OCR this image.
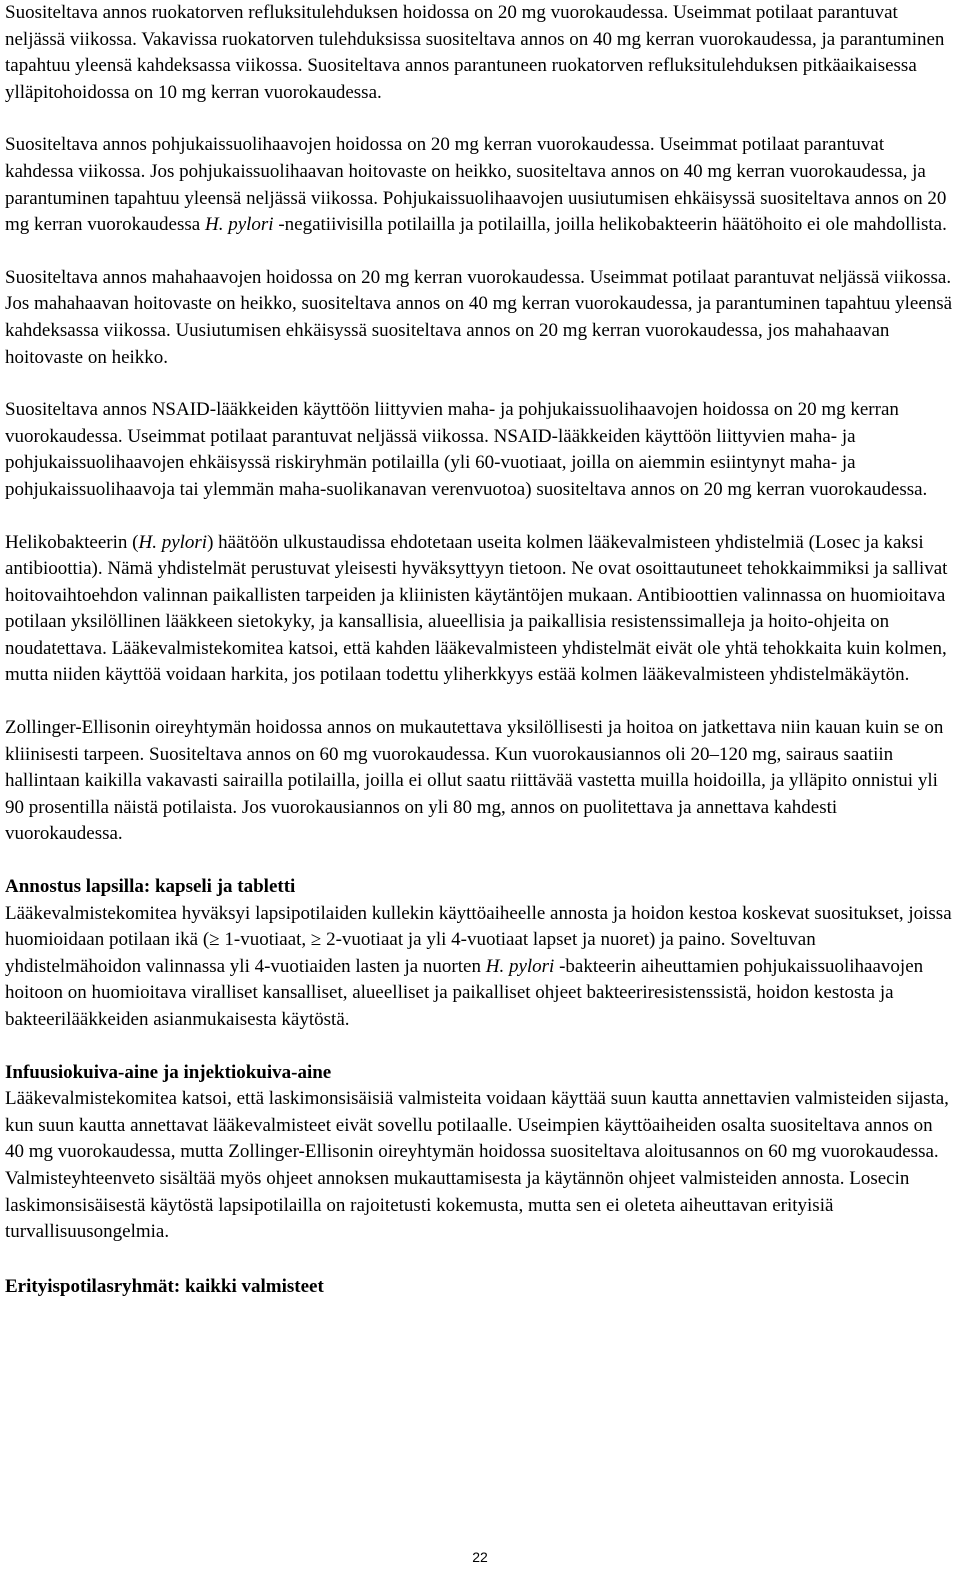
Suositeltava annos ruokatorven refluksitulehduksen hoidossa on 20 mg vuorokaudessa. Useimmat potilaat parantuvat neljässä viikossa. Vakavissa ruokatorven tulehduksissa suositeltava annos on 40 mg kerran vuorokaudessa, ja parantuminen tapahtuu yleensä kahdeksassa viikossa. Suositeltava annos parantuneen ruokatorven refluksitulehduksen pitkäaikaisessa ylläpitohoidossa on 10 mg kerran vuorokaudessa.

Suositeltava annos pohjukaissuolihaavojen hoidossa on 20 mg kerran vuorokaudessa. Useimmat potilaat parantuvat kahdessa viikossa. Jos pohjukaissuolihaavan hoitovaste on heikko, suositeltava annos on 40 mg kerran vuorokaudessa, ja parantuminen tapahtuu yleensä neljässä viikossa. Pohjukaissuolihaavojen uusiutumisen ehkäisyssä suositeltava annos on 20 mg kerran vuorokaudessa H. pylori -negatiivisilla potilailla ja potilailla, joilla helikobakteerin häätöhoito ei ole mahdollista.

Suositeltava annos mahahaavojen hoidossa on 20 mg kerran vuorokaudessa. Useimmat potilaat parantuvat neljässä viikossa. Jos mahahaavan hoitovaste on heikko, suositeltava annos on 40 mg kerran vuorokaudessa, ja parantuminen tapahtuu yleensä kahdeksassa viikossa. Uusiutumisen ehkäisyssä suositeltava annos on 20 mg kerran vuorokaudessa, jos mahahaavan hoitovaste on heikko.

Suositeltava annos NSAID-lääkkeiden käyttöön liittyvien maha- ja pohjukaissuolihaavojen hoidossa on 20 mg kerran vuorokaudessa. Useimmat potilaat parantuvat neljässä viikossa. NSAID-lääkkeiden käyttöön liittyvien maha- ja pohjukaissuolihaavojen ehkäisyssä riskiryhmän potilailla (yli 60-vuotiaat, joilla on aiemmin esiintynyt maha- ja pohjukaissuolihaavoja tai ylemmän maha-suolikanavan verenvuotoa) suositeltava annos on 20 mg kerran vuorokaudessa.

Helikobakteerin (H. pylori) häätöön ulkustaudissa ehdotetaan useita kolmen lääkevalmisteen yhdistelmiä (Losec ja kaksi antibioottia). Nämä yhdistelmät perustuvat yleisesti hyväksyttyyn tietoon. Ne ovat osoittautuneet tehokkaimmiksi ja sallivat hoitovaihtoehdon valinnan paikallisten tarpeiden ja kliinisten käytäntöjen mukaan. Antibioottien valinnassa on huomioitava potilaan yksilöllinen lääkkeen sietokyky, ja kansallisia, alueellisia ja paikallisia resistenssimalleja ja hoito-ohjeita on noudatettava. Lääkevalmistekomitea katsoi, että kahden lääkevalmisteen yhdistelmät eivät ole yhtä tehokkaita kuin kolmen, mutta niiden käyttöä voidaan harkita, jos potilaan todettu yliherkkyys estää kolmen lääkevalmisteen yhdistelmäkäytön.

Zollinger-Ellisonin oireyhtymän hoidossa annos on mukautettava yksilöllisesti ja hoitoa on jatkettava niin kauan kuin se on kliinisesti tarpeen. Suositeltava annos on 60 mg vuorokaudessa. Kun vuorokausiannos oli 20–120 mg, sairaus saatiin hallintaan kaikilla vakavasti sairailla potilailla, joilla ei ollut saatu riittävää vastetta muilla hoidoilla, ja ylläpito onnistui yli 90 prosentilla näistä potilaista. Jos vuorokausiannos on yli 80 mg, annos on puolitettava ja annettava kahdesti vuorokaudessa.

Annostus lapsilla: kapseli ja tabletti

Lääkevalmistekomitea hyväksyi lapsipotilaiden kullekin käyttöaiheelle annosta ja hoidon kestoa koskevat suositukset, joissa huomioidaan potilaan ikä (≥ 1-vuotiaat, ≥ 2-vuotiaat ja yli 4-vuotiaat lapset ja nuoret) ja paino. Soveltuvan yhdistelmähoidon valinnassa yli 4-vuotiaiden lasten ja nuorten H. pylori -bakteerin aiheuttamien pohjukaissuolihaavojen hoitoon on huomioitava viralliset kansalliset, alueelliset ja paikalliset ohjeet bakteeriresistenssistä, hoidon kestosta ja bakteerilääkkeiden asianmukaisesta käytöstä.

Infuusiokuiva-aine ja injektiokuiva-aine

Lääkevalmistekomitea katsoi, että laskimonsisäisiä valmisteita voidaan käyttää suun kautta annettavien valmisteiden sijasta, kun suun kautta annettavat lääkevalmisteet eivät sovellu potilaalle. Useimpien käyttöaiheiden osalta suositeltava annos on 40 mg vuorokaudessa, mutta Zollinger-Ellisonin oireyhtymän hoidossa suositeltava aloitusannos on 60 mg vuorokaudessa. Valmisteyhteenveto sisältää myös ohjeet annoksen mukauttamisesta ja käytännön ohjeet valmisteiden annosta. Losecin laskimonsisäisestä käytöstä lapsipotilailla on rajoitetusti kokemusta, mutta sen ei oleteta aiheuttavan erityisiä turvallisuusongelmia.

Erityispotilasryhmät: kaikki valmisteet

22
